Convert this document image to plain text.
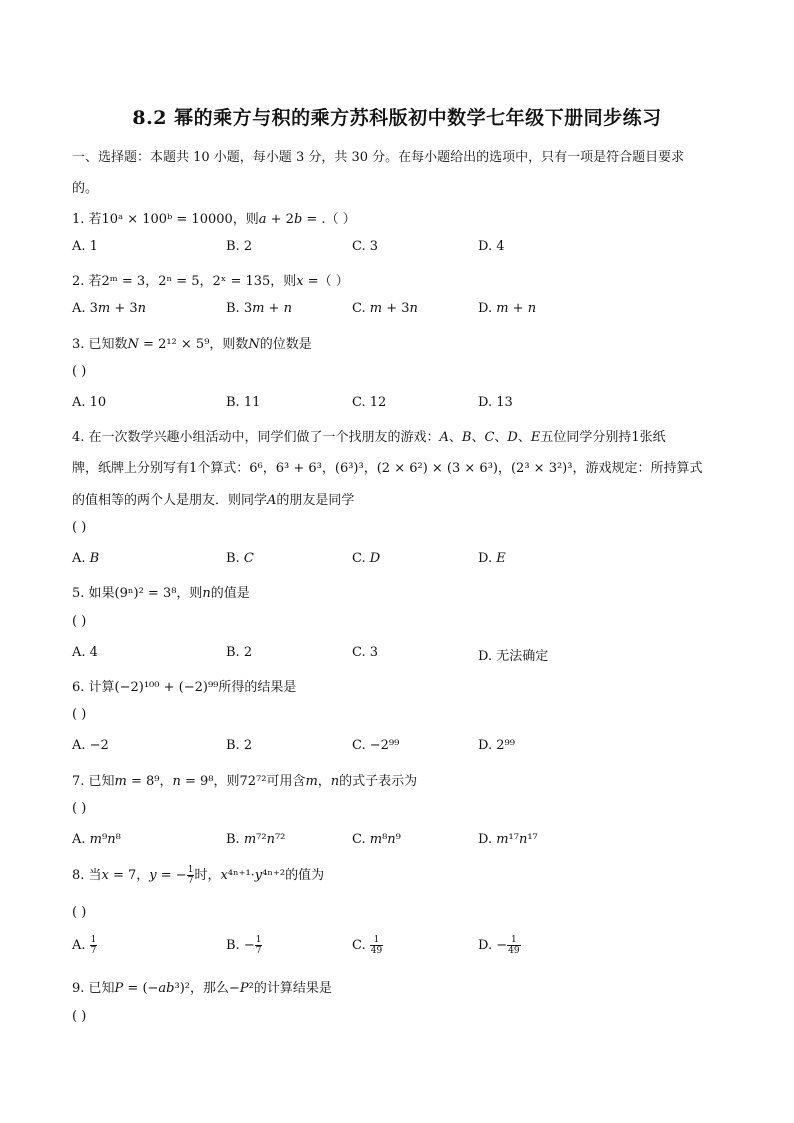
8.2 幂的乘方与积的乘方苏科版初中数学七年级下册同步练习
一、选择题：本题共 10 小题，每小题 3 分，共 30 分。在每小题给出的选项中，只有一项是符合题目要求
的。
1. 若10ᵃ × 100ᵇ = 10000，则𝑎 + 2𝑏 = .（ ）
A. 1	B. 2	C. 3	D. 4
2. 若2ᵐ = 3，2ⁿ = 5，2ˣ = 135，则𝑥 =（ ）
A. 3𝑚 + 3𝑛	B. 3𝑚 + 𝑛	C. 𝑚 + 3𝑛	D. 𝑚 + 𝑛
3. 已知数𝑁 = 2¹² × 5⁹，则数𝑁的位数是
( )
A. 10	B. 11	C. 12	D. 13
4. 在一次数学兴趣小组活动中，同学们做了一个找朋友的游戏：𝐴、𝐵、𝐶、𝐷、𝐸五位同学分别持1张纸
牌，纸牌上分别写有1个算式：6⁶，6³ + 6³，(6³)³，(2 × 6²) × (3 × 6³)，(2³ × 3²)³，游戏规定：所持算式
的值相等的两个人是朋友．则同学𝐴的朋友是同学
( )
A. 𝐵	B. 𝐶	C. 𝐷	D. 𝐸
5. 如果(9ⁿ)² = 3⁸，则𝑛的值是
( )
A. 4	B. 2	C. 3	D. 无法确定
6. 计算(−2)¹⁰⁰ + (−2)⁹⁹所得的结果是
( )
A. −2	B. 2	C. −2⁹⁹	D. 2⁹⁹
7. 已知𝑚 = 8⁹，𝑛 = 9⁸，则72⁷²可用含𝑚，𝑛的式子表示为
( )
A. 𝑚⁹𝑛⁸	B. 𝑚⁷²𝑛⁷²	C. 𝑚⁸𝑛⁹	D. 𝑚¹⁷𝑛¹⁷
8. 当𝑥 = 7，𝑦 = − $\frac{1}{7}$ 时，𝑥⁴ⁿ⁺¹·𝑦⁴ⁿ⁺²的值为
( )
A. $\frac{1}{7}$	B. − $\frac{1}{7}$	C. $\frac{1}{49}$	D. − $\frac{1}{49}$
9. 已知𝑃 = (−𝑎𝑏³)²，那么−𝑃²的计算结果是
( )
